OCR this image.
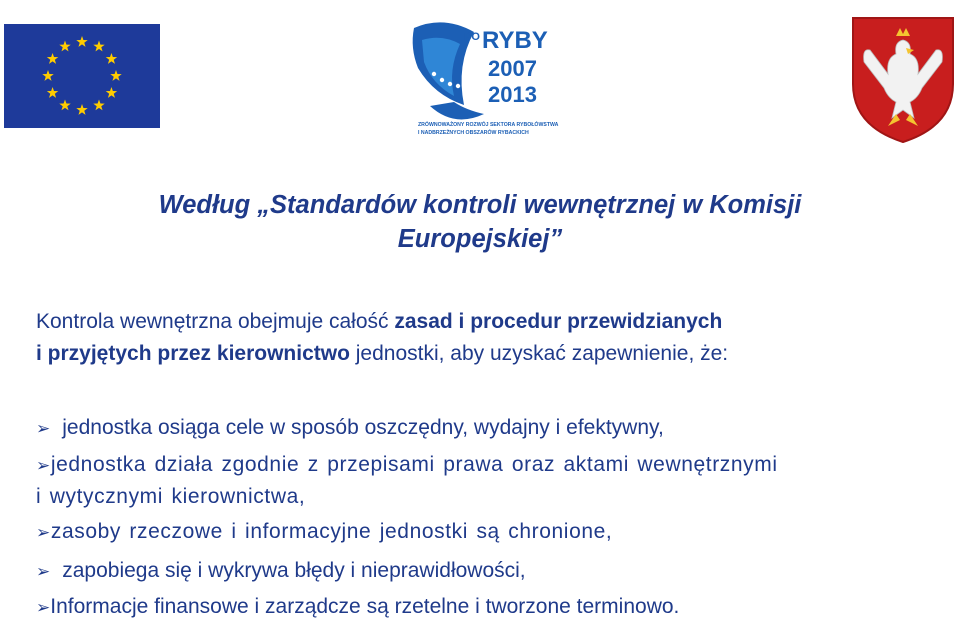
PO RYBY
2007
2013
ZRÓWNOWAŻONY ROZWÓJ SEKTORA RYBOŁÓWSTWA
I NADBRZEŻNYCH OBSZARÓW RYBACKICH
Według „Standardów kontroli wewnętrznej w Komisji
Europejskiej”
Kontrola wewnętrzna obejmuje całość zasad i procedur przewidzianych
i przyjętych przez kierownictwo jednostki, aby uzyskać zapewnienie, że:
➢ jednostka osiąga cele w sposób oszczędny, wydajny i efektywny,
➢jednostka działa zgodnie z przepisami prawa oraz aktami wewnętrznymi
i wytycznymi kierownictwa,
➢zasoby rzeczowe i informacyjne jednostki są chronione,
➢ zapobiega się i wykrywa błędy i nieprawidłowości,
➢Informacje finansowe i zarządcze są rzetelne i tworzone terminowo.
